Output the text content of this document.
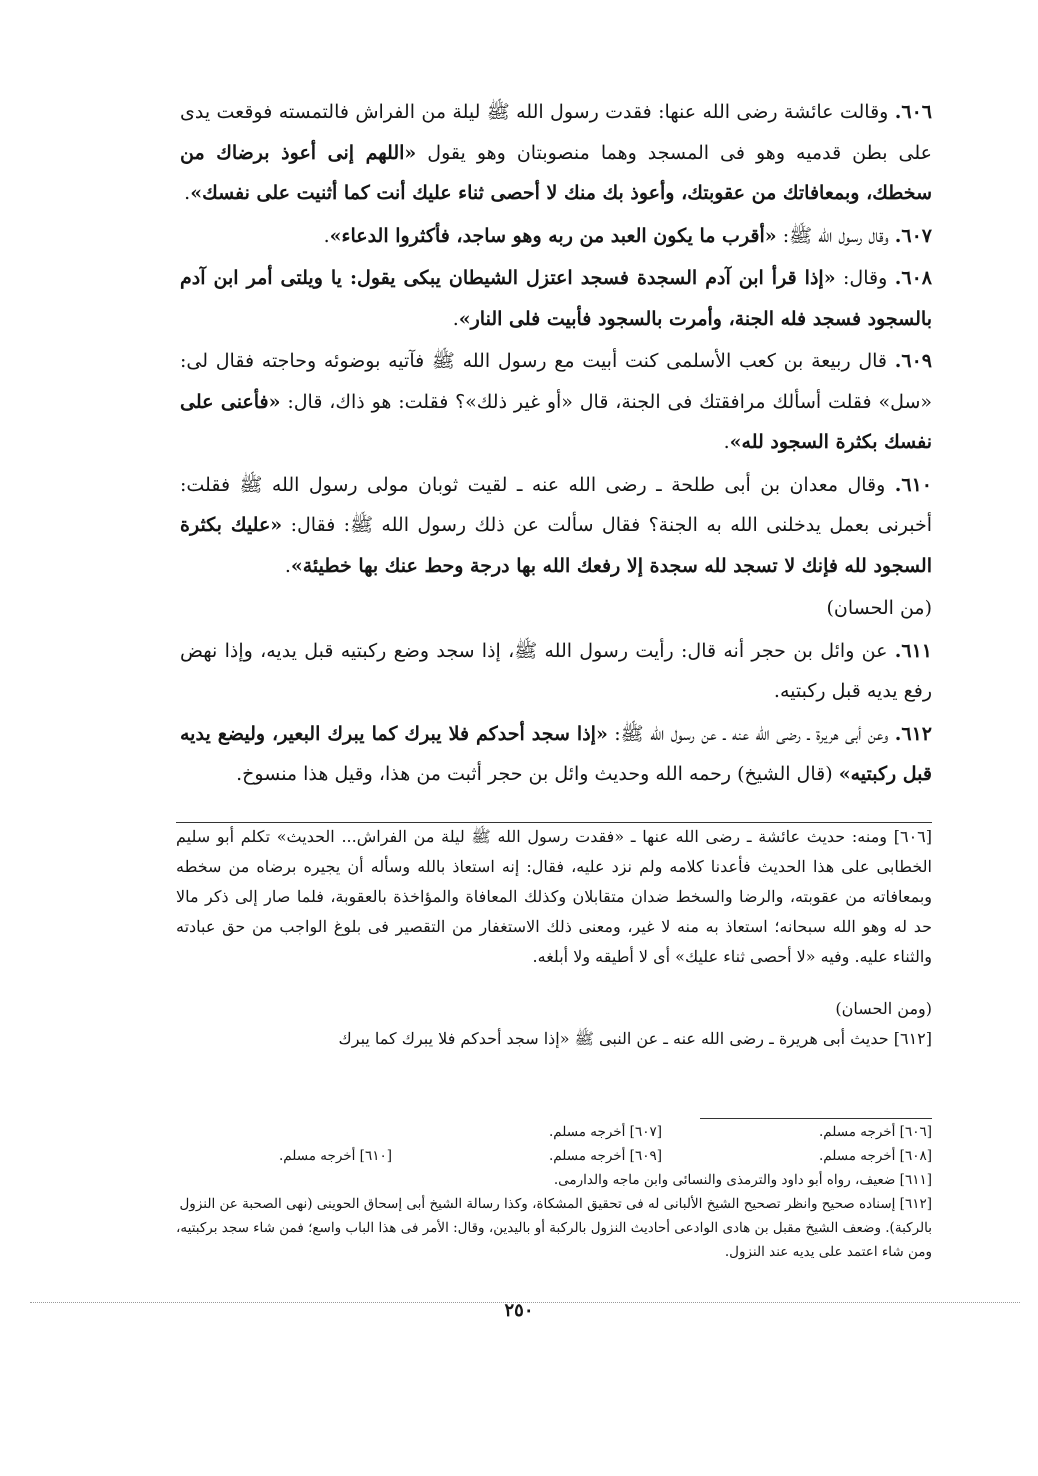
٦٠٦. وقالت عائشة رضى الله عنها: فقدت رسول الله ﷺ ليلة من الفراش فالتمسته فوقعت يدى على بطن قدميه وهو فى المسجد وهما منصوبتان وهو يقول «اللهم إنى أعوذ برضاك من سخطك، وبمعافاتك من عقوبتك، وأعوذ بك منك لا أحصى ثناء عليك أنت كما أثنيت على نفسك».

٦٠٧. وقال رسول الله ﷺ: «أقرب ما يكون العبد من ربه وهو ساجد، فأكثروا الدعاء».

٦٠٨. وقال: «إذا قرأ ابن آدم السجدة فسجد اعتزل الشيطان يبكى يقول: يا ويلتى أمر ابن آدم بالسجود فسجد فله الجنة، وأمرت بالسجود فأبيت فلى النار».

٦٠٩. قال ربيعة بن كعب الأسلمى كنت أبيت مع رسول الله ﷺ فآتيه بوضوئه وحاجته فقال لى: «سل» فقلت أسألك مرافقتك فى الجنة، قال «أو غير ذلك»؟ فقلت: هو ذاك، قال: «فأعنى على نفسك بكثرة السجود لله».

٦١٠. وقال معدان بن أبى طلحة ـ رضى الله عنه ـ لقيت ثوبان مولى رسول الله ﷺ فقلت: أخبرنى بعمل يدخلنى الله به الجنة؟ فقال سألت عن ذلك رسول الله ﷺ: فقال: «عليك بكثرة السجود لله فإنك لا تسجد لله سجدة إلا رفعك الله بها درجة وحط عنك بها خطيئة».

(من الحسان)

٦١١. عن وائل بن حجر أنه قال: رأيت رسول الله ﷺ، إذا سجد وضع ركبتيه قبل يديه، وإذا نهض رفع يديه قبل ركبتيه.

٦١٢. وعن أبى هريرة ـ رضى الله عنه ـ عن رسول الله ﷺ: «إذا سجد أحدكم فلا يبرك كما يبرك البعير، وليضع يديه قبل ركبتيه» (قال الشيخ) رحمه الله وحديث وائل بن حجر أثبت من هذا، وقيل هذا منسوخ.

[٦٠٦] ومنه: حديث عائشة ـ رضى الله عنها ـ «فقدت رسول الله ﷺ ليلة من الفراش... الحديث» تكلم أبو سليم الخطابى على هذا الحديث فأعدنا كلامه ولم نزد عليه، فقال: إنه استعاذ بالله وسأله أن يجيره برضاه من سخطه وبمعافاته من عقوبته، والرضا والسخط ضدان متقابلان وكذلك المعافاة والمؤاخذة بالعقوبة، فلما صار إلى ذكر مالا حد له وهو الله سبحانه؛ استعاذ به منه لا غير، ومعنى ذلك الاستغفار من التقصير فى بلوغ الواجب من حق عبادته والثناء عليه. وفيه «لا أحصى ثناء عليك» أى لا أطيقه ولا أبلغه.

(ومن الحسان)

[٦١٢] حديث أبى هريرة ـ رضى الله عنه ـ عن النبى ﷺ «إذا سجد أحدكم فلا يبرك كما يبرك

[٦٠٦] أخرجه مسلم.
[٦٠٧] أخرجه مسلم.
[٦٠٨] أخرجه مسلم.
[٦٠٩] أخرجه مسلم.
[٦١٠] أخرجه مسلم.

[٦١١] ضعيف، رواه أبو داود والترمذى والنسائى وابن ماجه والدارمى.

[٦١٢] إسناده صحيح وانظر تصحيح الشيخ الألبانى له فى تحقيق المشكاة، وكذا رسالة الشيخ أبى إسحاق الحوينى (نهى الصحبة عن النزول بالركبة). وضعف الشيخ مقبل بن هادى الوادعى أحاديث النزول بالركبة أو باليدين، وقال: الأمر فى هذا الباب واسع؛ فمن شاء سجد بركبتيه، ومن شاء اعتمد على يديه عند النزول.

٢٥٠
